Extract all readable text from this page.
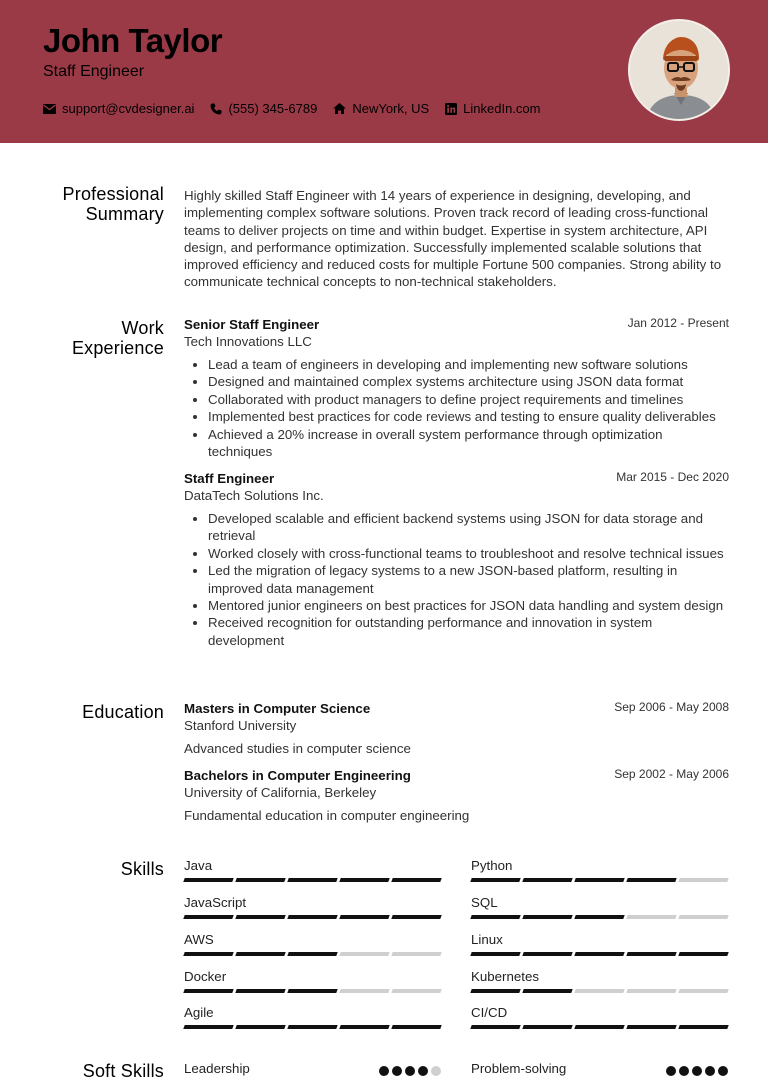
John Taylor
Staff Engineer
support@cvdesigner.ai	(555) 345-6789	NewYork, US	LinkedIn.com
Professional
Summary
Highly skilled Staff Engineer with 14 years of experience in designing, developing, and implementing complex software solutions. Proven track record of leading cross-functional teams to deliver projects on time and within budget. Expertise in system architecture, API design, and performance optimization. Successfully implemented scalable solutions that improved efficiency and reduced costs for multiple Fortune 500 companies. Strong ability to communicate technical concepts to non-technical stakeholders.
Work
Experience
Senior Staff Engineer	Jan 2012 - Present
Tech Innovations LLC
• Lead a team of engineers in developing and implementing new software solutions
• Designed and maintained complex systems architecture using JSON data format
• Collaborated with product managers to define project requirements and timelines
• Implemented best practices for code reviews and testing to ensure quality deliverables
• Achieved a 20% increase in overall system performance through optimization techniques
Staff Engineer	Mar 2015 - Dec 2020
DataTech Solutions Inc.
• Developed scalable and efficient backend systems using JSON for data storage and retrieval
• Worked closely with cross-functional teams to troubleshoot and resolve technical issues
• Led the migration of legacy systems to a new JSON-based platform, resulting in improved data management
• Mentored junior engineers on best practices for JSON data handling and system design
• Received recognition for outstanding performance and innovation in system development
Education Masters in Computer Science	Sep 2006 - May 2008
Stanford University
Advanced studies in computer science
Bachelors in Computer Engineering	Sep 2002 - May 2006
University of California, Berkeley
Fundamental education in computer engineering
Skills Java	Python
JavaScript	SQL
AWS	Linux
Docker	Kubernetes
Agile	CI/CD
Soft Skills Leadership	Problem-solving
